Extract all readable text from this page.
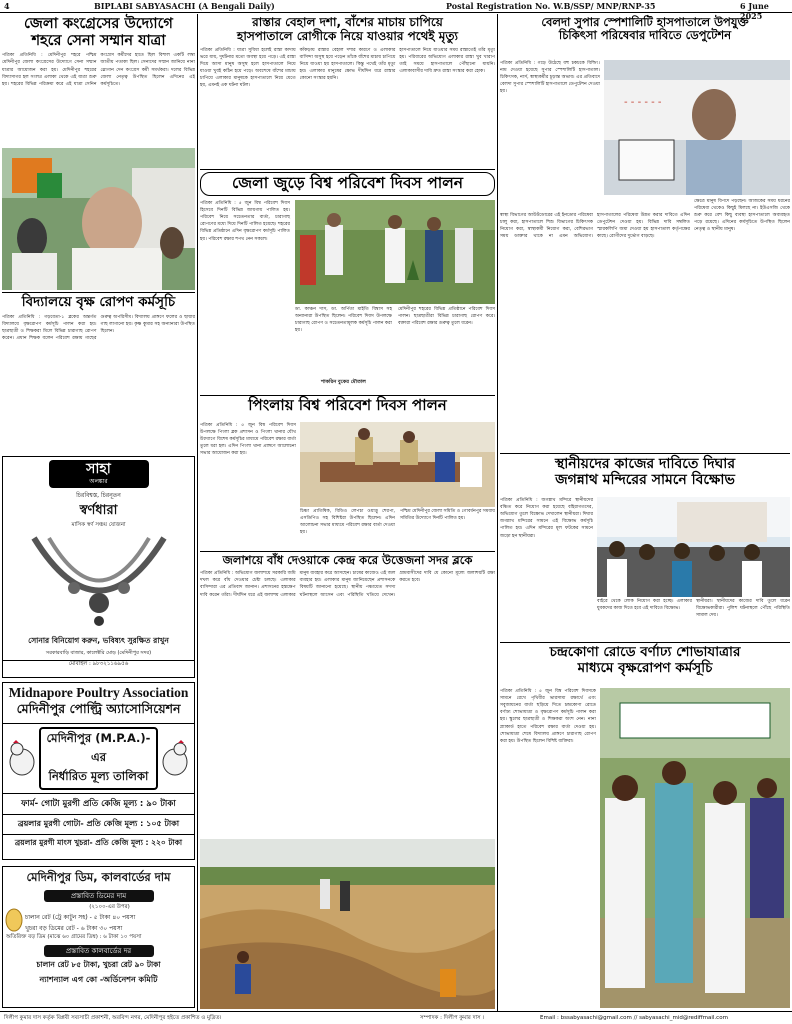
4	BIPLABI SABYASACHI (A Bengali Daily)	Postal Registration No. W.B/SSP/ MNP/RNP-35	6 June 2025
জেলা কংগ্রেসের উদ্যোগে
শহরে সেনা সম্মান যাত্রা
পত্রিকা প্রতিনিধি : মেদিনীপুর শহরে পশ্চিম মেদিনীপুর জেলা কংগ্রেসের উদ্যোগে সেনা সম্মান যাত্রার আয়োজন করা হয়। মেদিনীপুর শহরের বিদ্যাসাগর হল সংলগ্ন এলাকা থেকে এই যাত্রা শুরু হয়। শহরের বিভিন্ন পরিক্রমা করে এই যাত্রা সেনিন কংগ্রেস কর্মীদের হাতে ছিল বিশাল একটি লম্বা জাতীয় পতাকা ছিল। সেনাদের সম্মান জানিয়ে নানা স্লোগান দেন কংগ্রেস কর্মী সমর্থকরা। দলের বিভিন্ন জেলা নেতৃত্ব উপস্থিত ছিলেন এদিনের এই কর্মসূচিতে।
বিদ্যালয়ে বৃক্ষ রোপণ কর্মসূচি
পত্রিকা প্রতিনিধি : গড়বেতা-১ ব্লকের অন্তর্গত বিদ্যালয়ে বৃক্ষরোপণ কর্মসূচি পালন করা হয়। ছাত্রছাত্রী ও শিক্ষকরা মিলে বিভিন্ন চারাগাছ রোপণ করেন। প্রধান শিক্ষক বলেন পরিবেশ রক্ষায় গাছের গুরুত্ব অপরিসীম। বিদ্যালয় প্রাঙ্গণে ফলের ও ছায়ার গাছ লাগানো হয়। কৃষ্ণ কুমার সহ অন্যান্যরা উপস্থিত ছিলেন।
সাহা
অলঙ্কার
চিরবিশ্বস্ত, চিরনূতন
স্বর্ণধারা
মাসিক স্বর্ণ সঞ্চয় যোজনা
সোনার বিনিয়োগ করুন, ভবিষ্যৎ সুরক্ষিত রাখুন
সরকারবাড়ি বাজার, কালেক্টরি মোড় (মেদিনীপুর সদর)
মোবাইল : ৯৮৩২১১৬৯৫৬
Midnapore Poultry Association
মেদিনীপুর পোল্ট্রি অ্যাসোসিয়েশন
মেদিনীপুর (M.P.A.)-এর
নির্ধারিত মূল্য তালিকা
ফার্ম- গোটা মুরগী প্রতি কেজি মূল্য : ৯০ টাকা
ব্রয়লার মুরগী গোটা- প্রতি কেজি মূল্য : ১০৫ টাকা
ব্রয়লার মুরগী মাংস খুচরা- প্রতি কেজি মূল্য : ২২০ টাকা
মেদিনীপুর ডিম, কালবার্ডের দাম
প্রস্তাবিত ডিমের দাম
(২১০০-এর উপর)
চালান রেট (ট্রে কাটুন সহ) - ৫ টাকা ৪০ পয়সা
খুচরা বড় ডিমের রেট - ৬ টাকা ৩০ পয়সা
অতিরিক্ত বড় ডিম (মাঝে ৬০ গ্রামের ডিম্ব) : ৬ টাকা ১০ পয়সা
প্রস্তাবিত কালবার্ডের দর
চালান রেট ৮৫ টাকা, খুচরা রেট ৯০ টাকা
ন্যাশন্যাল এগ কো -অর্ডিনেশন কমিটি
রাস্তার বেহাল দশা, বাঁশের মাচায় চাপিয়ে
হাসপাতালে রোগীকে নিয়ে যাওয়ার পথেই মৃত্যু
পত্রিকা প্রতিনিধি : যাত্রা সুবিধা হলেই রাস্তা কাদায় ভরে যায়, দুর্ঘটনার মতো অবস্থা হয়ে পড়ে। এই রাস্তা দিয়ে আসা মানুষ অসুস্থ হলে হাসপাতালে নিয়ে যাওয়া খুবই কঠিন হয়ে পড়ে। অবশেষে বাঁশের মাচায় চাপিয়ে এলাকার মানুষকে হাসপাতালে নিয়ে যেতে হয়, এমনই এক ঘটনা ঘটল।
কাঁকড়ায় রাস্তার বেহাল দশার কারণে ও এলাকার বাসিন্দা অসুস্থ হয়ে পড়েন তাঁকে বাঁশের মাচায় চাপিয়ে নিয়ে যাওয়া হয় হাসপাতালে। কিন্তু পথেই তাঁর মৃত্যু হয়। এলাকার মানুষের ক্ষোভ দীর্ঘদিন ধরে রাস্তার কোনো সংস্কার হয়নি।
হাসপাতালে নিয়ে যাওয়ার সময় রাস্তাতেই তাঁর মৃত্যু হয়। পরিবারের অভিযোগ এলাকার রাস্তা খুব খারাপ তাই সময়ে হাসপাতালে পৌঁছানো যায়নি। এলাকাবাসীর দাবি দ্রুত রাস্তা সংস্কার করা হোক।
জেলা জুড়ে বিশ্ব পরিবেশ দিবস পালন
পত্রিকা প্রতিনিধি : ৫ জুন বিশ্ব পরিবেশ দিবস হিসেবে দিনটি বিভিন্ন জায়গায় পালিত হয়। পরিবেশ নিয়ে সচেতনতার বার্তা, চারাগাছ রোপণের মধ্যে দিয়ে দিনটি পালিত হয়েছে। শহরের বিভিন্ন প্রতিষ্ঠানে এদিন বৃক্ষরোপণ কর্মসূচি পালিত হয়। পরিবেশ রক্ষার শপথ নেন সকলে।
ডা. কাঞ্চন দাস, ডা. অর্পিতা মাইতি বিশ্বাস সহ অন্যান্যরা উপস্থিত ছিলেন। পরিবেশ দিবস উপলক্ষে চারাগাছ রোপণ ও সচেতনতামূলক কর্মসূচি পালন করা হয়।
মেদিনীপুর শহরের বিভিন্ন প্রতিষ্ঠানে পরিবেশ দিবস পালন। ছাত্রছাত্রীরা বিভিন্ন চারাগাছ রোপণ করে। বক্তারা পরিবেশ রক্ষার গুরুত্ব তুলে ধরেন।
শাকরিন বুকের মৌতাল
পিংলায় বিশ্ব পরিবেশ দিবস পালন
পত্রিকা প্রতিনিধি : ৫ জুন বিশ্ব পরিবেশ দিবস উপলক্ষে পিংলা ব্লক প্রশাসন ও পিংলা থানার যৌথ উদ্যোগে বিশেষ কর্মসূচির মাধ্যমে পরিবেশ রক্ষার বার্তা তুলে ধরা হল। এদিন পিংলা থানা প্রাঙ্গণে আলোচনা সভার আয়োজন করা হয়।
চিঞ্চা প্রাতিষিক, বিডিও লেপচা ওয়াড়ু শেরপা, এসডিপিও সহ বিশিষ্টরা উপস্থিত ছিলেন। এদিন আলোচনা সভার মাধ্যমে পরিবেশ রক্ষার বার্তা দেওয়া হয়।
পশ্চিম মেদিনীপুর জেলা সমিতি ও গোবর্ধনপুর সমবায় সমিতির উদ্যোগে দিনটি পালিত হয়।
জলাশয়ে বাঁধ দেওয়াকে কেন্দ্র করে উত্তেজনা সদর ব্লকে
পত্রিকা প্রতিনিধি : অভিযোগ জলাশয়ে সরকারি জমি দখল করে বাঁধ দেওয়ার চেষ্টা চলছে। এলাকার বাসিন্দারা এর প্রতিবাদ জানান। প্রশাসনের হস্তক্ষেপ দাবি করেন তাঁরা। দীর্ঘদিন ধরে এই জলাশয় এলাকার মানুষ ব্যবহার করে আসছেন। চাষের কাজেও এই জল ব্যবহার হয়। এলাকার মানুষ জানিয়েছেন প্রশাসনকে বিষয়টি জানানো হয়েছে। স্থানীয় পঞ্চায়েত সদস্য ঘটনাস্থলে আসেন এবং পরিস্থিতি খতিয়ে দেখেন। গ্রামবাসীদের দাবি যে কোনো মূল্যে জলাশয়টি রক্ষা করতে হবে।
বেলদা সুপার স্পেশালিটি হাসপাতালে উপযুক্ত
চিকিৎসা পরিষেবার দাবিতে ডেপুটেশন
পত্রিকা প্রতিনিধি : গড়ে উঠেছে বহু চকচকে বিল্ডিং। নাম দেওয়া হয়েছে সুপার স্পেশালিটি হাসপাতাল। চিকিৎসক, নার্স, স্বাস্থ্যকর্মীর চূড়ান্ত অভাব। এর প্রতিবাদে বেলদা সুপার স্পেশালিটি হাসপাতালে ডেপুটেশন দেওয়া হয়।
- - - - - -
স্বাস্থ্য বিভাগের আউটডোরের এই ইনডোর পরিষেবা চালু করা, হাসপাতালে শিশু বিভাগের চিকিৎসক নিয়োগ করা, স্বাস্থ্যকর্মী নিয়োগ করা, বেশিরভাগ সময় ডাক্তার থাকে না এমন অভিযোগ। হাসপাতালের পরিষেবা উন্নত করার দাবিতে এদিন ডেপুটেশন দেওয়া হয়। বিভিন্ন দাবি সম্বলিত স্মারকলিপি জমা দেওয়া হয় হাসপাতাল কর্তৃপক্ষের কাছে। রোগীদের দুর্ভোগ বাড়ছে।
ক্ষেত্রে মানুষ বিপদে পড়ছেন। আজকের সময় ধরনের পরিষেবা থেকেও কিছুই মিলছে না। ইউএসজি থেকে শুরু করে বেশ কিছু ব্যবস্থা হাসপাতালে অব্যবহৃত পড়ে রয়েছে। এদিনের কর্মসূচিতে উপস্থিত ছিলেন নেতৃত্ব ও স্থানীয় মানুষ।
স্থানীয়দের কাজের দাবিতে দিঘার
জগন্নাথ মন্দিরের সামনে বিক্ষোভ
পত্রিকা প্রতিনিধি : জগন্নাথ মন্দিরে স্থানীয়দের বঞ্চিত করে নিয়োগ করা হয়েছে বহিরাগতদের, অভিযোগ তুলে বিক্ষোভ দেখালেন স্থানীয়রা। দিঘার জগন্নাথ মন্দিরের সামনে এই বিক্ষোভ কর্মসূচি পালিত হয়। এদিন মন্দিরের মূল ফটকের সামনে জড়ো হন স্থানীয়রা।
বাইরে থেকে লোক নিয়োগ করা হচ্ছে। এলাকার যুবকদের কাজ দিতে হবে এই দাবিতে বিক্ষোভ।
স্থানীয়রা। স্থানীয়দের কাজের দাবি তুলে ধরেন বিক্ষোভকারীরা। পুলিশ ঘটনাস্থলে পৌঁছে পরিস্থিতি সামাল দেয়।
চন্দ্রকোণা রোডে বর্ণাঢ্য শোভাযাত্রার
মাধ্যমে বৃক্ষরোপণ কর্মসূচি
পত্রিকা প্রতিনিধি : ৫ জুন বিশ্ব পরিবেশ দিবসকে সামনে রেখে পৃথিবীর ভারসাম্য রক্ষার্থে এবং সবুজায়নের বার্তা ছড়িয়ে দিতে চন্দ্রকোণা রোডে বর্ণাঢ্য শোভাযাত্রা ও বৃক্ষরোপণ কর্মসূচি পালন করা হয়। স্কুলের ছাত্রছাত্রী ও শিক্ষকরা অংশ নেন। নানা প্ল্যাকার্ড হাতে পরিবেশ রক্ষার বার্তা দেওয়া হয়। শোভাযাত্রা শেষে বিদ্যালয় প্রাঙ্গণে চারাগাছ রোপণ করা হয়। উপস্থিত ছিলেন বিশিষ্ট ব্যক্তিরা।
দিলীপ কুমার দাস কর্তৃক বিপ্লবী সব্যসাচী প্রকাশনী, অরবিন্দ নগর, মেদিনীপুর হইতে প্রকাশিত ও মুদ্রিত।	সম্পাদক : দিলীপ কুমার দাস ।	Email : bssabyasachi@gmail.com // sabyasachi_mid@rediffmail.com
